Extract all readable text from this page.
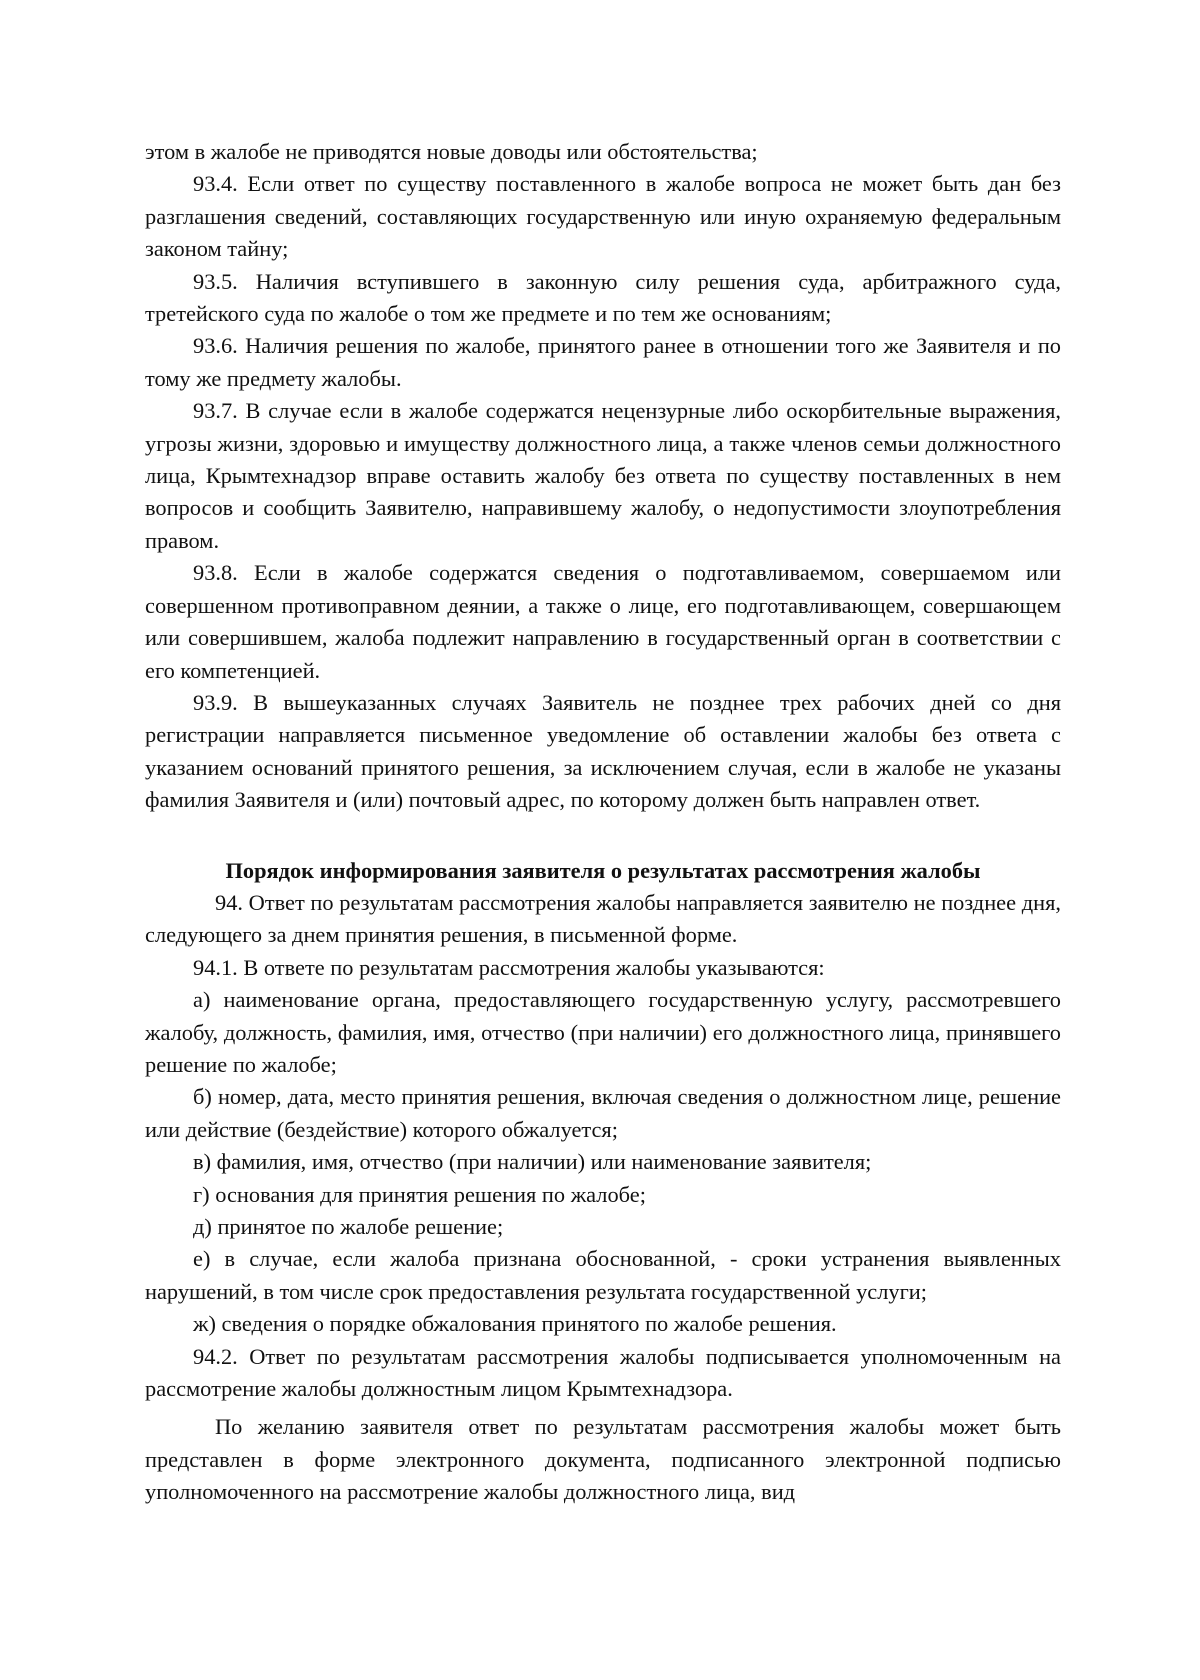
этом в жалобе не приводятся новые доводы или обстоятельства;

93.4. Если ответ по существу поставленного в жалобе вопроса не может быть дан без разглашения сведений, составляющих государственную или иную охраняемую федеральным законом тайну;

93.5. Наличия вступившего в законную силу решения суда, арбитражного суда, третейского суда по жалобе о том же предмете и по тем же основаниям;

93.6. Наличия решения по жалобе, принятого ранее в отношении того же Заявителя и по тому же предмету жалобы.

93.7. В случае если в жалобе содержатся нецензурные либо оскорбительные выражения, угрозы жизни, здоровью и имуществу должностного лица, а также членов семьи должностного лица, Крымтехнадзор вправе оставить жалобу без ответа по существу поставленных в нем вопросов и сообщить Заявителю, направившему жалобу, о недопустимости злоупотребления правом.

93.8. Если в жалобе содержатся сведения о подготавливаемом, совершаемом или совершенном противоправном деянии, а также о лице, его подготавливающем, совершающем или совершившем, жалоба подлежит направлению в государственный орган в соответствии с его компетенцией.

93.9. В вышеуказанных случаях Заявитель не позднее трех рабочих дней со дня регистрации направляется письменное уведомление об оставлении жалобы без ответа с указанием оснований принятого решения, за исключением случая, если в жалобе не указаны фамилия Заявителя и (или) почтовый адрес, по которому должен быть направлен ответ.

Порядок информирования заявителя о результатах рассмотрения жалобы

94. Ответ по результатам рассмотрения жалобы направляется заявителю не позднее дня, следующего за днем принятия решения, в письменной форме.

94.1. В ответе по результатам рассмотрения жалобы указываются:

а) наименование органа, предоставляющего государственную услугу, рассмотревшего жалобу, должность, фамилия, имя, отчество (при наличии) его должностного лица, принявшего решение по жалобе;

б) номер, дата, место принятия решения, включая сведения о должностном лице, решение или действие (бездействие) которого обжалуется;

в) фамилия, имя, отчество (при наличии) или наименование заявителя;

г) основания для принятия решения по жалобе;

д) принятое по жалобе решение;

е) в случае, если жалоба признана обоснованной, - сроки устранения выявленных нарушений, в том числе срок предоставления результата государственной услуги;

ж) сведения о порядке обжалования принятого по жалобе решения.

94.2. Ответ по результатам рассмотрения жалобы подписывается уполномоченным на рассмотрение жалобы должностным лицом Крымтехнадзора.

По желанию заявителя ответ по результатам рассмотрения жалобы может быть представлен в форме электронного документа, подписанного электронной подписью уполномоченного на рассмотрение жалобы должностного лица, вид
